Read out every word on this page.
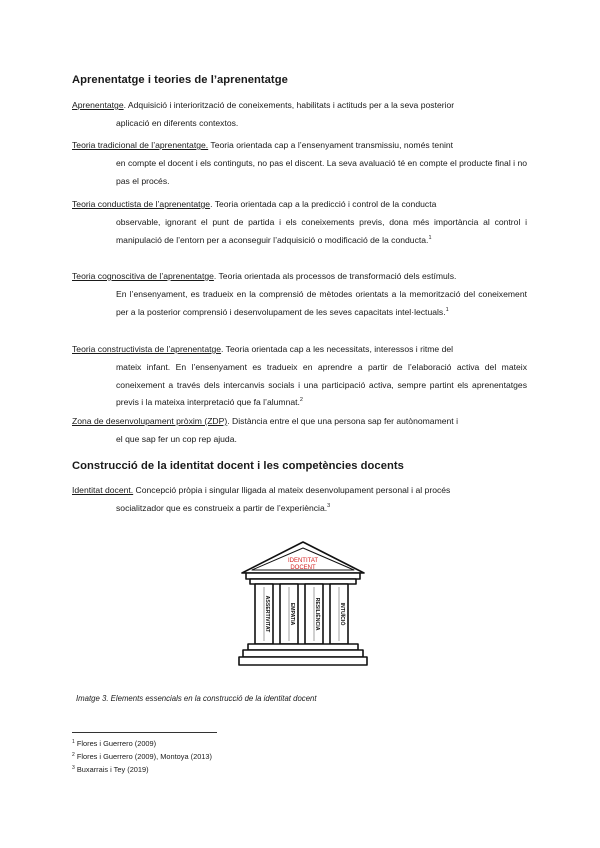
Aprenentatge i teories de l’aprenentatge

Aprenentatge. Adquisició i interiorització de coneixements, habilitats i actituds per a la seva posterior
aplicació en diferents contextos.

Teoria tradicional de l’aprenentatge. Teoria orientada cap a l’ensenyament transmissiu, només tenint
en compte el docent i els continguts, no pas el discent. La seva avaluació té en compte el producte final i no pas el procés.

Teoria conductista de l’aprenentatge. Teoria orientada cap a la predicció i control de la conducta
observable, ignorant el punt de partida i els coneixements previs, dona més importància al control i manipulació de l’entorn per a aconseguir l’adquisició o modificació de la conducta.$^1$

Teoria cognoscitiva de l’aprenentatge. Teoria orientada als processos de transformació dels estímuls.
En l’ensenyament, es tradueix en la comprensió de mètodes orientats a la memorització del coneixement per a la posterior comprensió i desenvolupament de les seves capacitats intel·lectuals.$^1$

Teoria constructivista de l’aprenentatge. Teoria orientada cap a les necessitats, interessos i ritme del
mateix infant. En l’ensenyament es tradueix en aprendre a partir de l’elaboració activa del mateix coneixement a través dels intercanvis socials i una participació activa, sempre partint els aprenentatges previs i la mateixa interpretació que fa l’alumnat.$^2$

Zona de desenvolupament pròxim (ZDP). Distància entre el que una persona sap fer autònomament i
el que sap fer un cop rep ajuda.

Construcció de la identitat docent i les competències docents

Identitat docent. Concepció pròpia i singular lligada al mateix desenvolupament personal i al procés
socialitzador que es construeix a partir de l’experiència.$^3$

IDENTITAT
DOCENT
ASSERTIVITAT	EMPATIA	RESILIÈNCIA	INTUÏCIÓ
Imatge 3. Elements essencials en la construcció de la identitat docent
$^1$ Flores i Guerrero (2009)
$^2$ Flores i Guerrero (2009), Montoya (2013)
$^3$ Buxarrais i Tey (2019)
